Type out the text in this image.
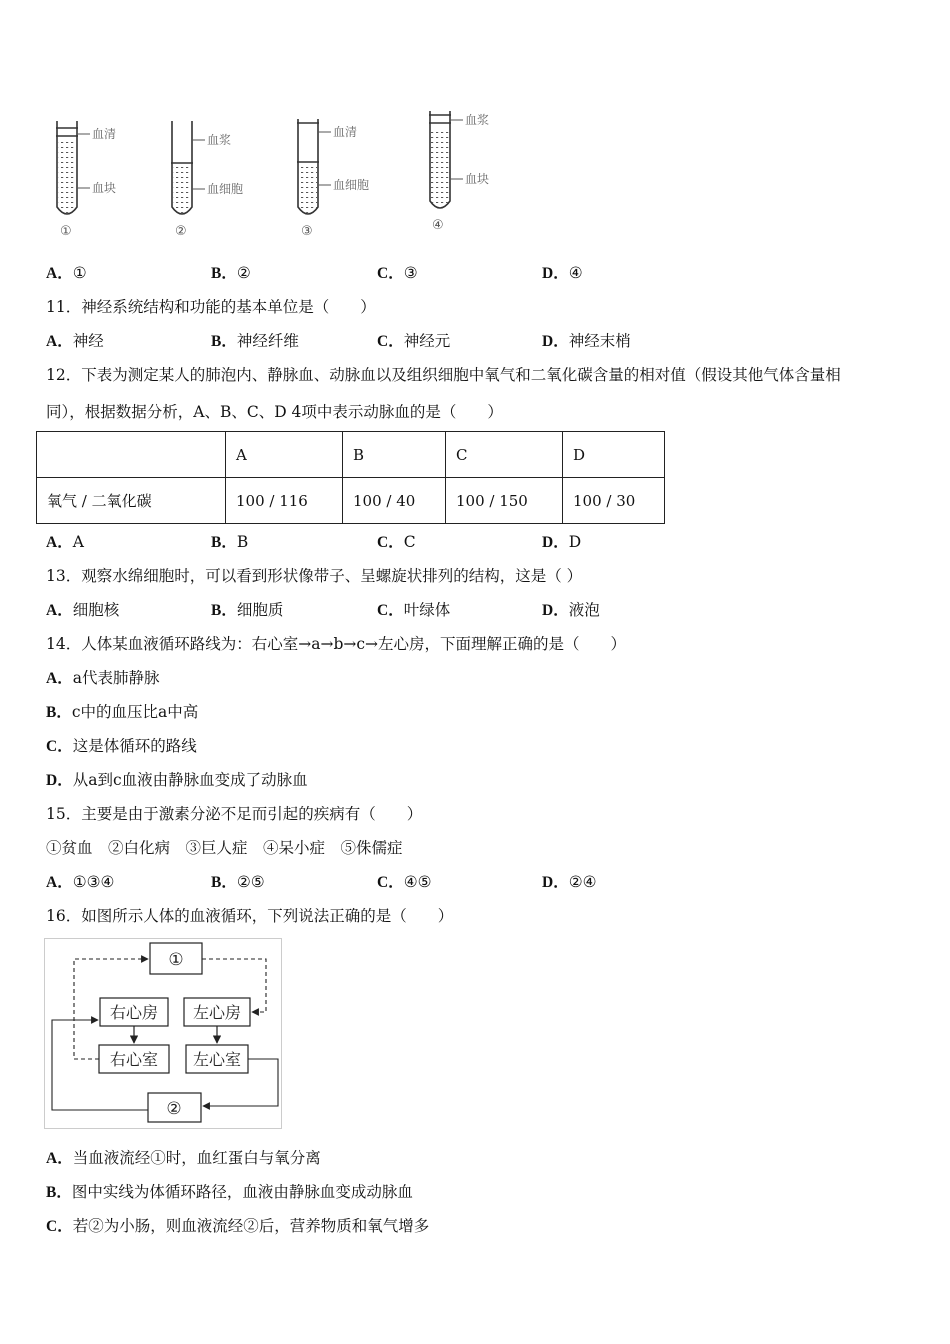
血清
血块
①
血浆
血细胞
②
血清
血细胞
③
血浆
血块
④
A．①	B．②	C．③	D．④
11．神经系统结构和功能的基本单位是（　　）
A．神经	B．神经纤维	C．神经元	D．神经末梢
12．下表为测定某人的肺泡内、静脉血、动脉血以及组织细胞中氧气和二氧化碳含量的相对值（假设其他气体含量相
同），根据数据分析，A、B、C、D 4项中表示动脉血的是（　　）
	A	B	C	D
氧气 / 二氧化碳	100 / 116	100 / 40	100 / 150	100 / 30
A．A	B．B	C．C	D．D
13．观察水绵细胞时，可以看到形状像带子、呈螺旋状排列的结构，这是（ ）
A．细胞核	B．细胞质	C．叶绿体	D．液泡
14．人体某血液循环路线为：右心室→a→b→c→左心房，下面理解正确的是（　　）
A．a代表肺静脉
B．c中的血压比a中高
C．这是体循环的路线
D．从a到c血液由静脉血变成了动脉血
15．主要是由于激素分泌不足而引起的疾病有（　　）
①贫血　②白化病　③巨人症　④呆小症　⑤侏儒症
A．①③④	B．②⑤	C．④⑤	D．②④
16．如图所示人体的血液循环，下列说法正确的是（　　）
①
右心房 左心房
右心室 左心室
②
A．当血液流经①时，血红蛋白与氧分离
B．图中实线为体循环路径，血液由静脉血变成动脉血
C．若②为小肠，则血液流经②后，营养物质和氧气增多
